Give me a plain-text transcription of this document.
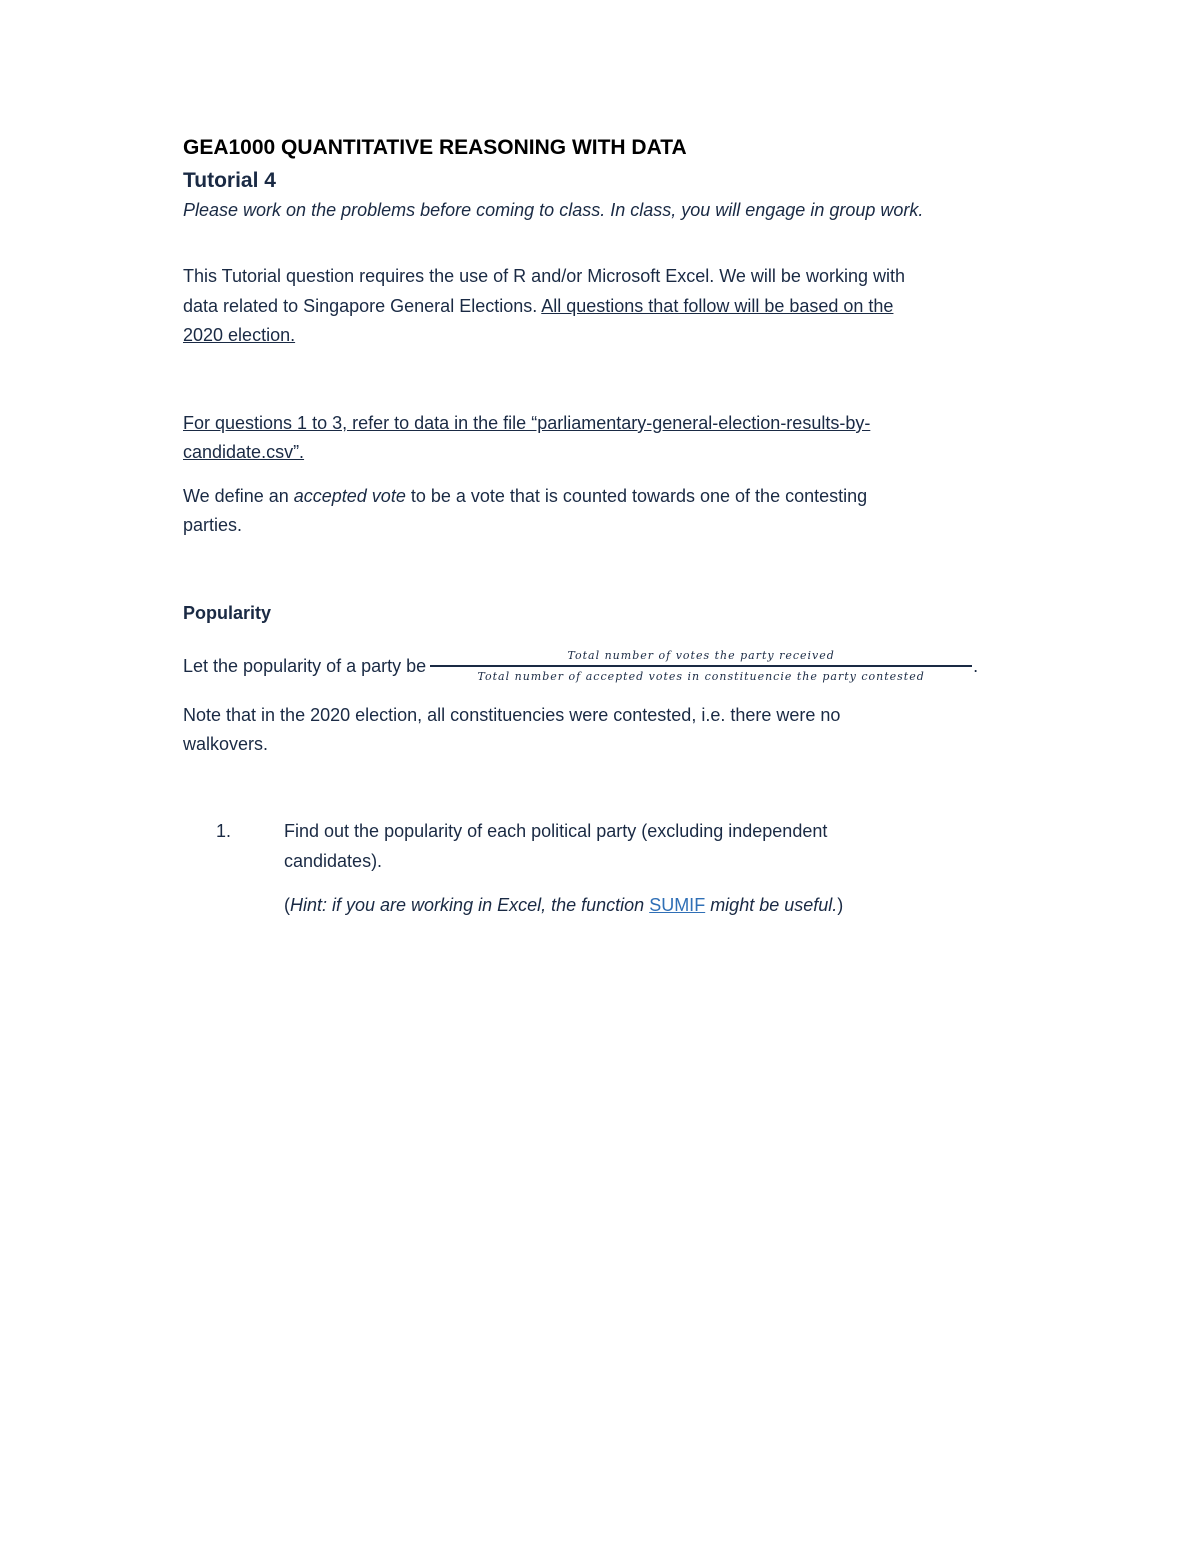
GEA1000 QUANTITATIVE REASONING WITH DATA
Tutorial 4
Please work on the problems before coming to class. In class, you will engage in group work.
This Tutorial question requires the use of R and/or Microsoft Excel. We will be working with
data related to Singapore General Elections. All questions that follow will be based on the
2020 election.
For questions 1 to 3, refer to data in the file “parliamentary-general-election-results-by-
candidate.csv”.
We define an accepted vote to be a vote that is counted towards one of the contesting
parties.
Popularity
Let the popularity of a party be	Total number of votes the party received
Total number of accepted votes in constituencie the party contested
.
Note that in the 2020 election, all constituencies were contested, i.e. there were no
walkovers.
1.	Find out the popularity of each political party (excluding independent
candidates).
(Hint: if you are working in Excel, the function SUMIF might be useful.)
